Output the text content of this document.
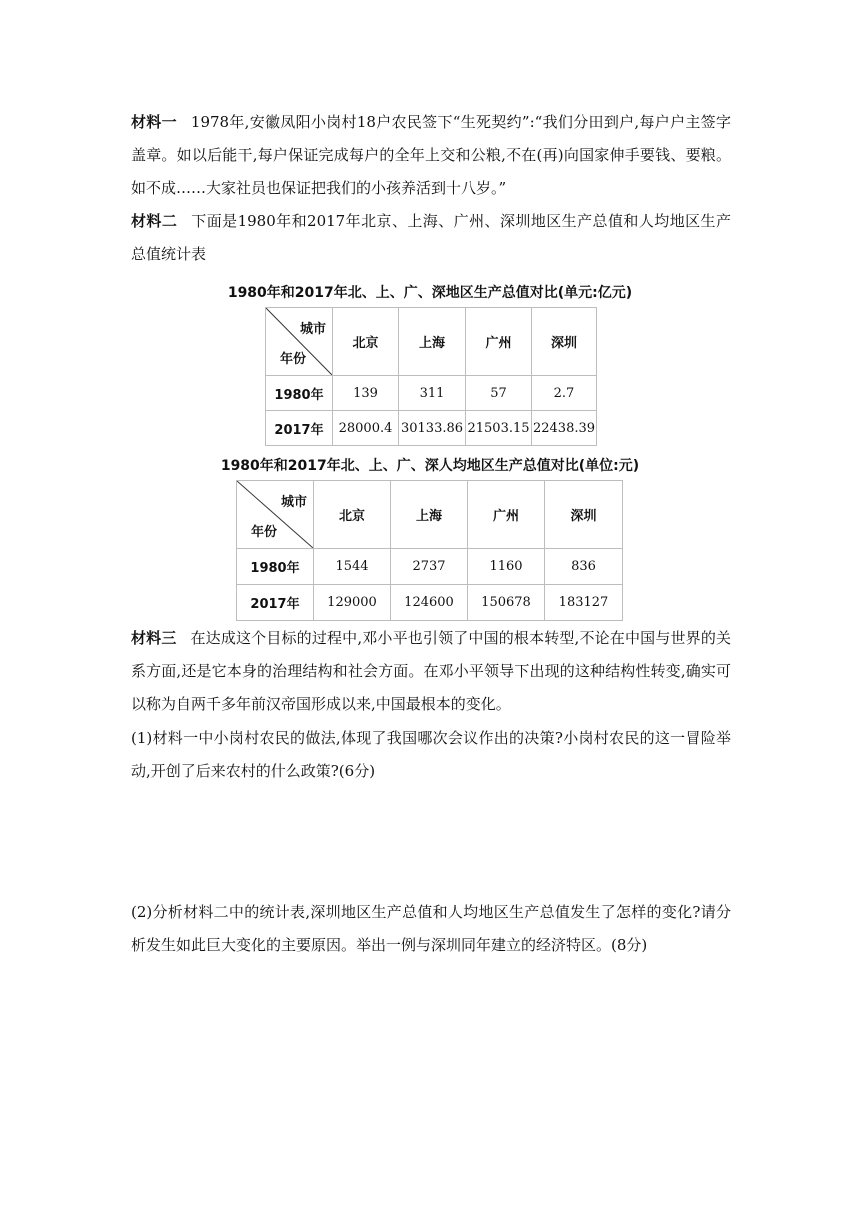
材料一 1978年,安徽凤阳小岗村18户农民签下“生死契约”:“我们分田到户,每户户主签字盖章。如以后能干,每户保证完成每户的全年上交和公粮,不在(再)向国家伸手要钱、要粮。如不成……大家社员也保证把我们的小孩养活到十八岁。”

材料二 下面是1980年和2017年北京、上海、广州、深圳地区生产总值和人均地区生产总值统计表

1980年和2017年北、上、广、深地区生产总值对比(单元:亿元)

城市
年份	北京	上海	广州	深圳
1980年	139	311	57	2.7
2017年	28000.4	30133.86	21503.15	22438.39

1980年和2017年北、上、广、深人均地区生产总值对比(单位:元)

城市
年份	北京	上海	广州	深圳
1980年	1544	2737	1160	836
2017年	129000	124600	150678	183127

材料三 在达成这个目标的过程中,邓小平也引领了中国的根本转型,不论在中国与世界的关系方面,还是它本身的治理结构和社会方面。在邓小平领导下出现的这种结构性转变,确实可以称为自两千多年前汉帝国形成以来,中国最根本的变化。

(1)材料一中小岗村农民的做法,体现了我国哪次会议作出的决策?小岗村农民的这一冒险举动,开创了后来农村的什么政策?(6分)

(2)分析材料二中的统计表,深圳地区生产总值和人均地区生产总值发生了怎样的变化?请分析发生如此巨大变化的主要原因。举出一例与深圳同年建立的经济特区。(8分)
